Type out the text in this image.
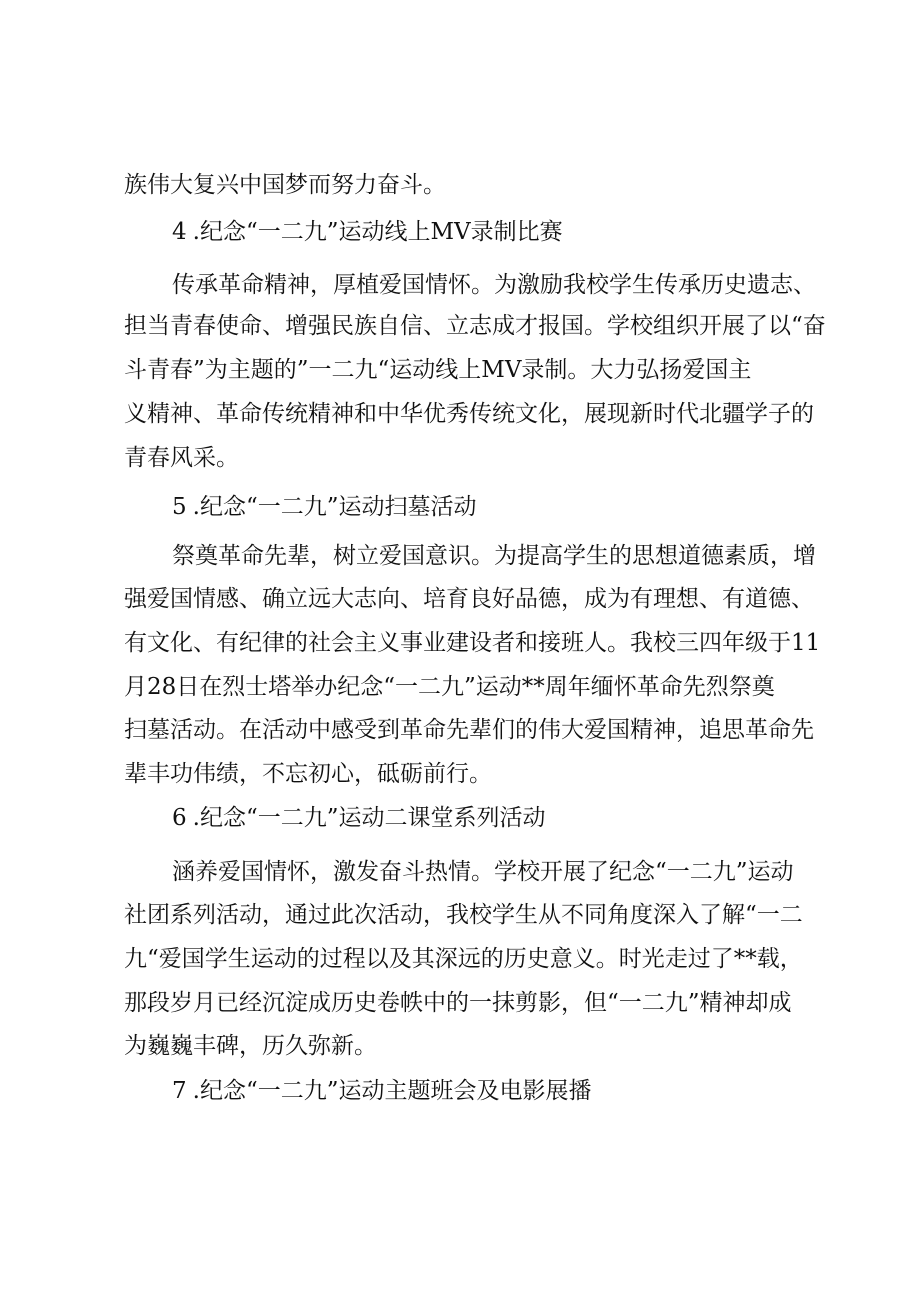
族伟大复兴中国梦而努力奋斗。
4 .纪念“一二九”运动线上MV录制比赛
传承革命精神，厚植爱国情怀。为激励我校学生传承历史遗志、
担当青春使命、增强民族自信、立志成才报国。学校组织开展了以“奋
斗青春”为主题的”一二九“运动线上MV录制。大力弘扬爱国主
义精神、革命传统精神和中华优秀传统文化，展现新时代北疆学子的
青春风采。
5 .纪念“一二九”运动扫墓活动
祭奠革命先辈，树立爱国意识。为提高学生的思想道德素质，增
强爱国情感、确立远大志向、培育良好品德，成为有理想、有道德、
有文化、有纪律的社会主义事业建设者和接班人。我校三四年级于11
月28日在烈士塔举办纪念“一二九”运动**周年缅怀革命先烈祭奠
扫墓活动。在活动中感受到革命先辈们的伟大爱国精神，追思革命先
辈丰功伟绩，不忘初心，砥砺前行。
6 .纪念“一二九”运动二课堂系列活动
涵养爱国情怀，激发奋斗热情。学校开展了纪念“一二九”运动
社团系列活动，通过此次活动，我校学生从不同角度深入了解“一二
九“爱国学生运动的过程以及其深远的历史意义。时光走过了**载，
那段岁月已经沉淀成历史卷帙中的一抹剪影，但“一二九”精神却成
为巍巍丰碑，历久弥新。
7 .纪念“一二九”运动主题班会及电影展播
